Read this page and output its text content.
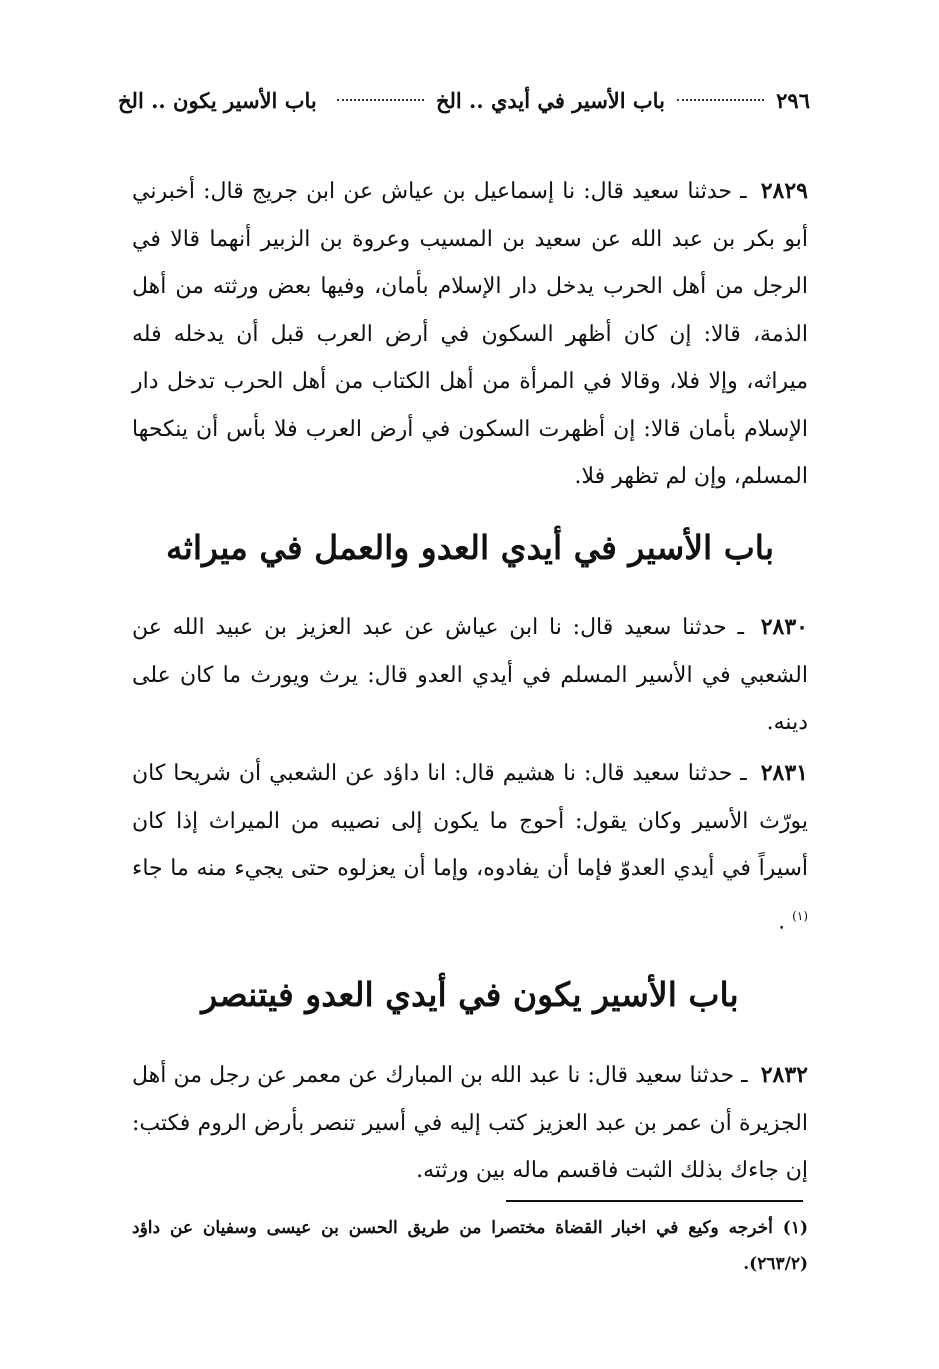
٢٩٦
باب الأسير في أيدي .. الخ
باب الأسير يكون .. الخ

٢٨٢٩ ـ حدثنا سعيد قال: نا إسماعيل بن عياش عن ابن جريج قال: أخبرني أبو بكر بن عبد الله عن سعيد بن المسيب وعروة بن الزبير أنهما قالا في الرجل من أهل الحرب يدخل دار الإسلام بأمان، وفيها بعض ورثته من أهل الذمة، قالا: إن كان أظهر السكون في أرض العرب قبل أن يدخله فله ميراثه، وإلا فلا، وقالا في المرأة من أهل الكتاب من أهل الحرب تدخل دار الإسلام بأمان قالا: إن أظهرت السكون في أرض العرب فلا بأس أن ينكحها المسلم، وإن لم تظهر فلا.

باب الأسير في أيدي العدو والعمل في ميراثه

٢٨٣٠ ـ حدثنا سعيد قال: نا ابن عياش عن عبد العزيز بن عبيد الله عن الشعبي في الأسير المسلم في أيدي العدو قال: يرث ويورث ما كان على دينه.

٢٨٣١ ـ حدثنا سعيد قال: نا هشيم قال: انا داؤد عن الشعبي أن شريحا كان يورّث الأسير وكان يقول: أحوج ما يكون إلى نصيبه من الميراث إذا كان أسيراً في أيدي العدوّ فإما أن يفادوه، وإما أن يعزلوه حتى يجيء منه ما جاء $^{(١)}$ .

باب الأسير يكون في أيدي العدو فيتنصر

٢٨٣٢ ـ حدثنا سعيد قال: نا عبد الله بن المبارك عن معمر عن رجل من أهل الجزيرة أن عمر بن عبد العزيز كتب إليه في أسير تنصر بأرض الروم فكتب: إن جاءك بذلك الثبت فاقسم ماله بين ورثته.

(١) أخرجه وكيع في اخبار القضاة مختصرا من طريق الحسن بن عيسى وسفيان عن داؤد (٢٦٣/٢).
